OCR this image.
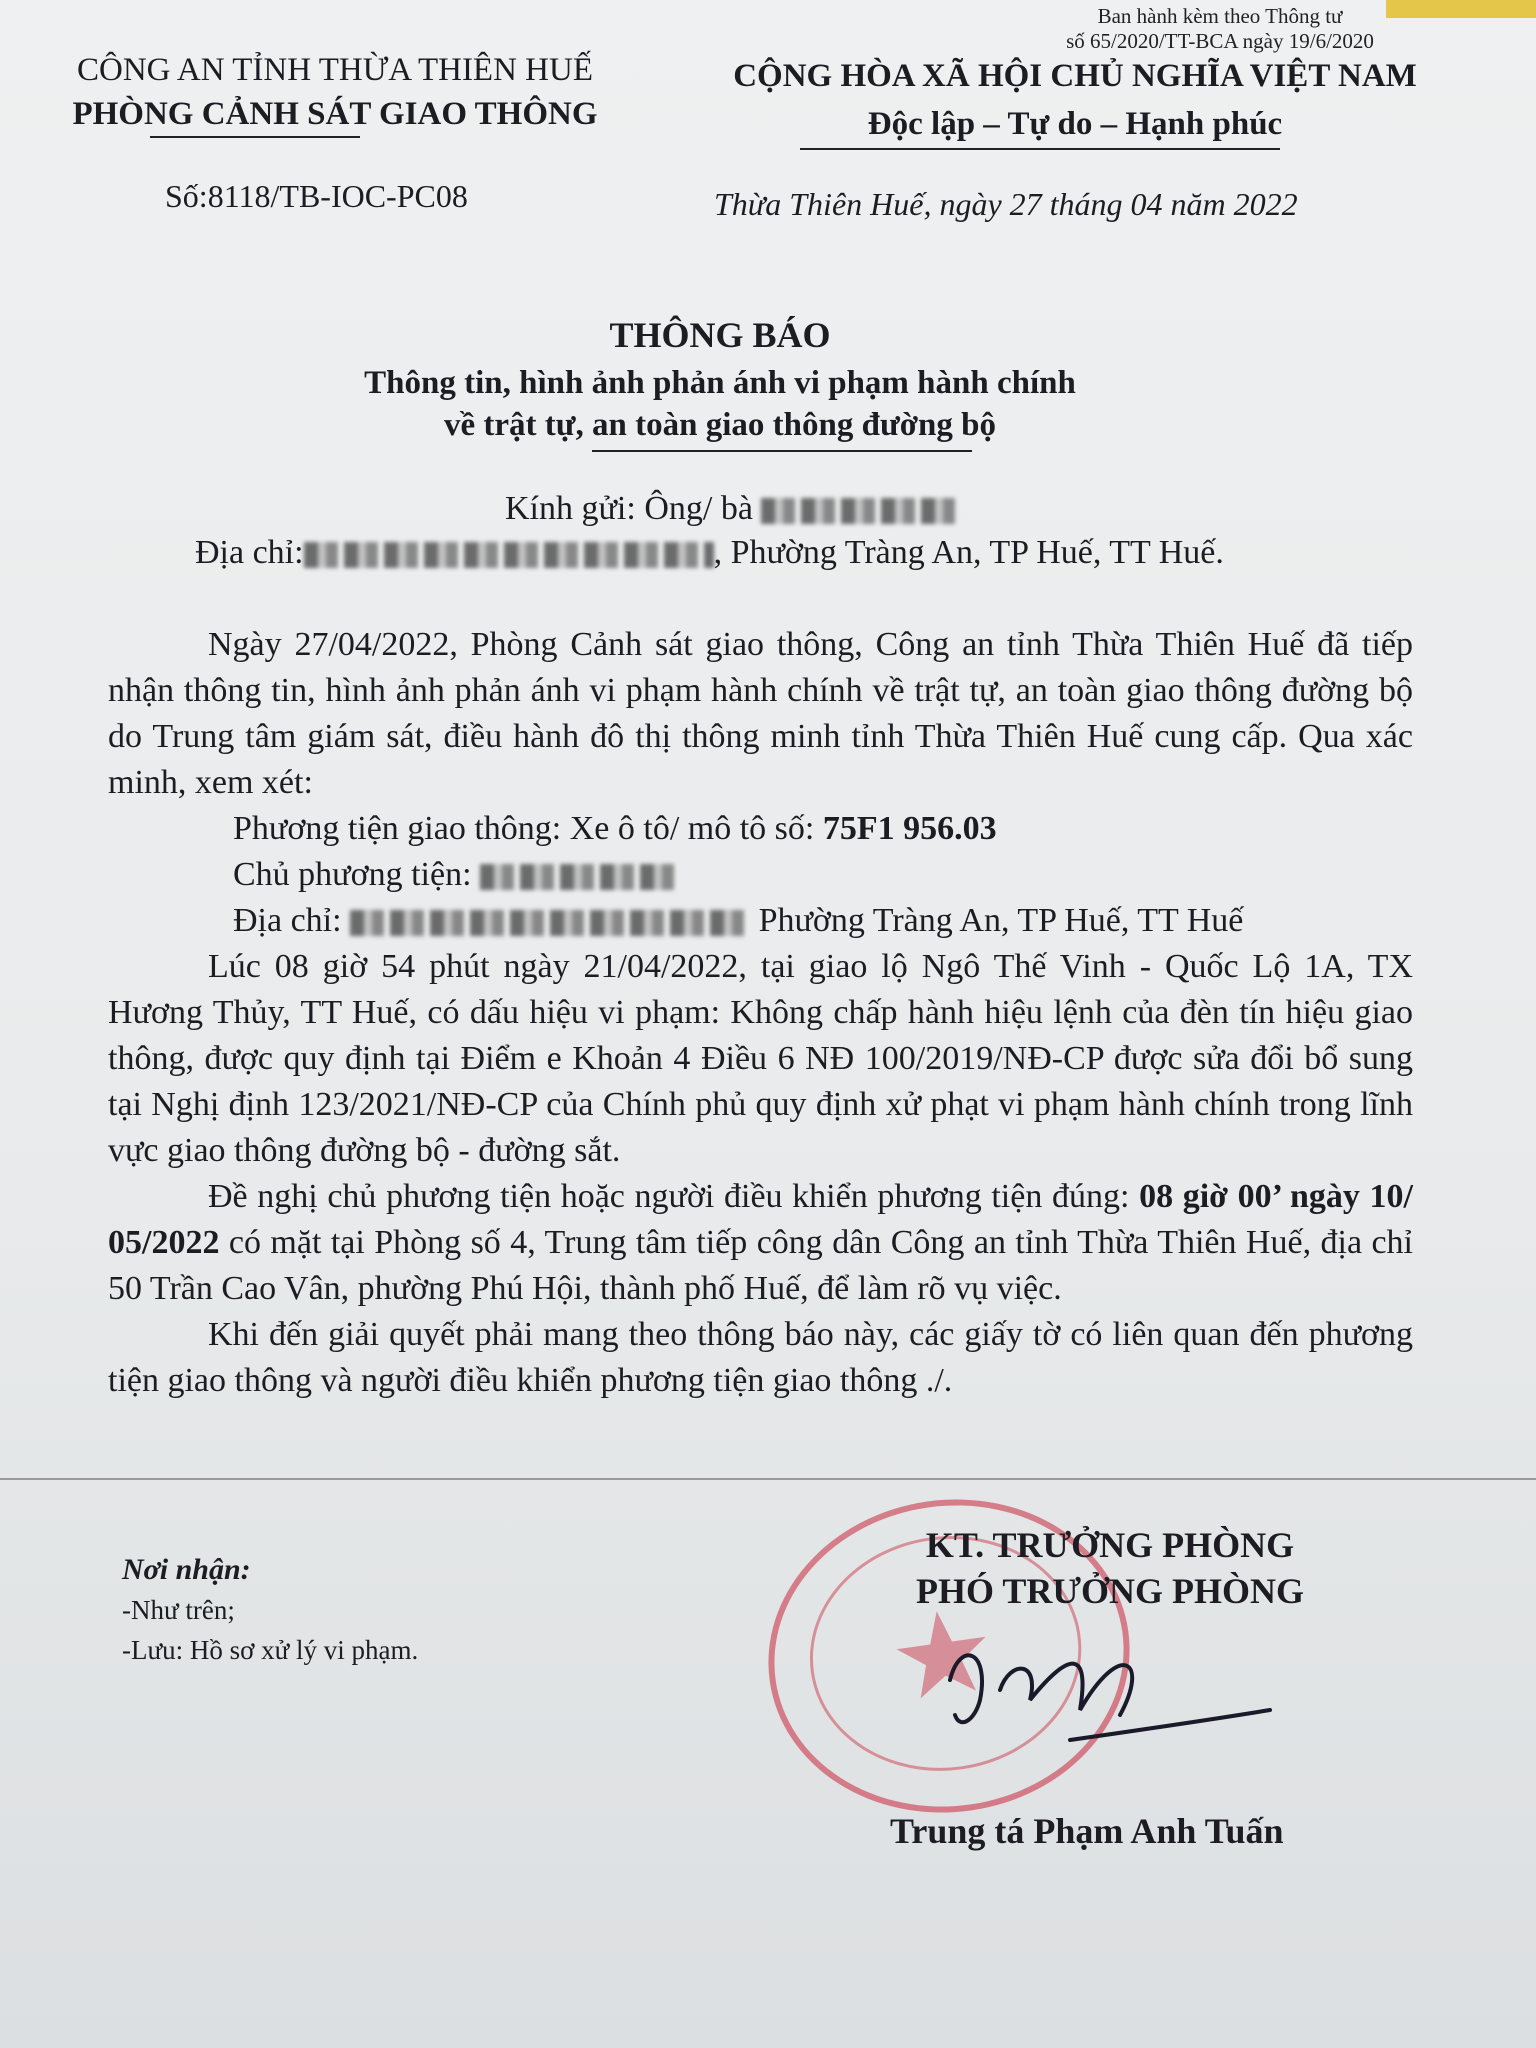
Ban hành kèm theo Thông tư
số 65/2020/TT-BCA ngày 19/6/2020
CÔNG AN TỈNH THỪA THIÊN HUẾ
PHÒNG CẢNH SÁT GIAO THÔNG
Số:8118/TB-IOC-PC08
CỘNG HÒA XÃ HỘI CHỦ NGHĨA VIỆT NAM
Độc lập – Tự do – Hạnh phúc
Thừa Thiên Huế, ngày 27 tháng 04 năm 2022
THÔNG BÁO
Thông tin, hình ảnh phản ánh vi phạm hành chính
về trật tự, an toàn giao thông đường bộ
Kính gửi: Ông/ bà
Địa chỉ:	, Phường Tràng An, TP Huế, TT Huế.

Ngày 27/04/2022, Phòng Cảnh sát giao thông, Công an tỉnh Thừa Thiên Huế đã tiếp nhận thông tin, hình ảnh phản ánh vi phạm hành chính về trật tự, an toàn giao thông đường bộ do Trung tâm giám sát, điều hành đô thị thông minh tỉnh Thừa Thiên Huế cung cấp. Qua xác minh, xem xét:

Phương tiện giao thông: Xe ô tô/ mô tô số: 75F1 956.03

Chủ phương tiện:

Địa chỉ:	Phường Tràng An, TP Huế, TT Huế

Lúc 08 giờ 54 phút ngày 21/04/2022, tại giao lộ Ngô Thế Vinh - Quốc Lộ 1A, TX Hương Thủy, TT Huế, có dấu hiệu vi phạm: Không chấp hành hiệu lệnh của đèn tín hiệu giao thông, được quy định tại Điểm e Khoản 4 Điều 6 NĐ 100/2019/NĐ-CP được sửa đổi bổ sung tại Nghị định 123/2021/NĐ-CP của Chính phủ quy định xử phạt vi phạm hành chính trong lĩnh vực giao thông đường bộ - đường sắt.

Đề nghị chủ phương tiện hoặc người điều khiển phương tiện đúng: 08 giờ 00’ ngày 10/ 05/2022 có mặt tại Phòng số 4, Trung tâm tiếp công dân Công an tỉnh Thừa Thiên Huế, địa chỉ 50 Trần Cao Vân, phường Phú Hội, thành phố Huế, để làm rõ vụ việc.

Khi đến giải quyết phải mang theo thông báo này, các giấy tờ có liên quan đến phương tiện giao thông và người điều khiển phương tiện giao thông ./.

Nơi nhận:
-Như trên;
-Lưu: Hồ sơ xử lý vi phạm.
KT. TRƯỞNG PHÒNG
PHÓ TRƯỞNG PHÒNG
Trung tá Phạm Anh Tuấn
